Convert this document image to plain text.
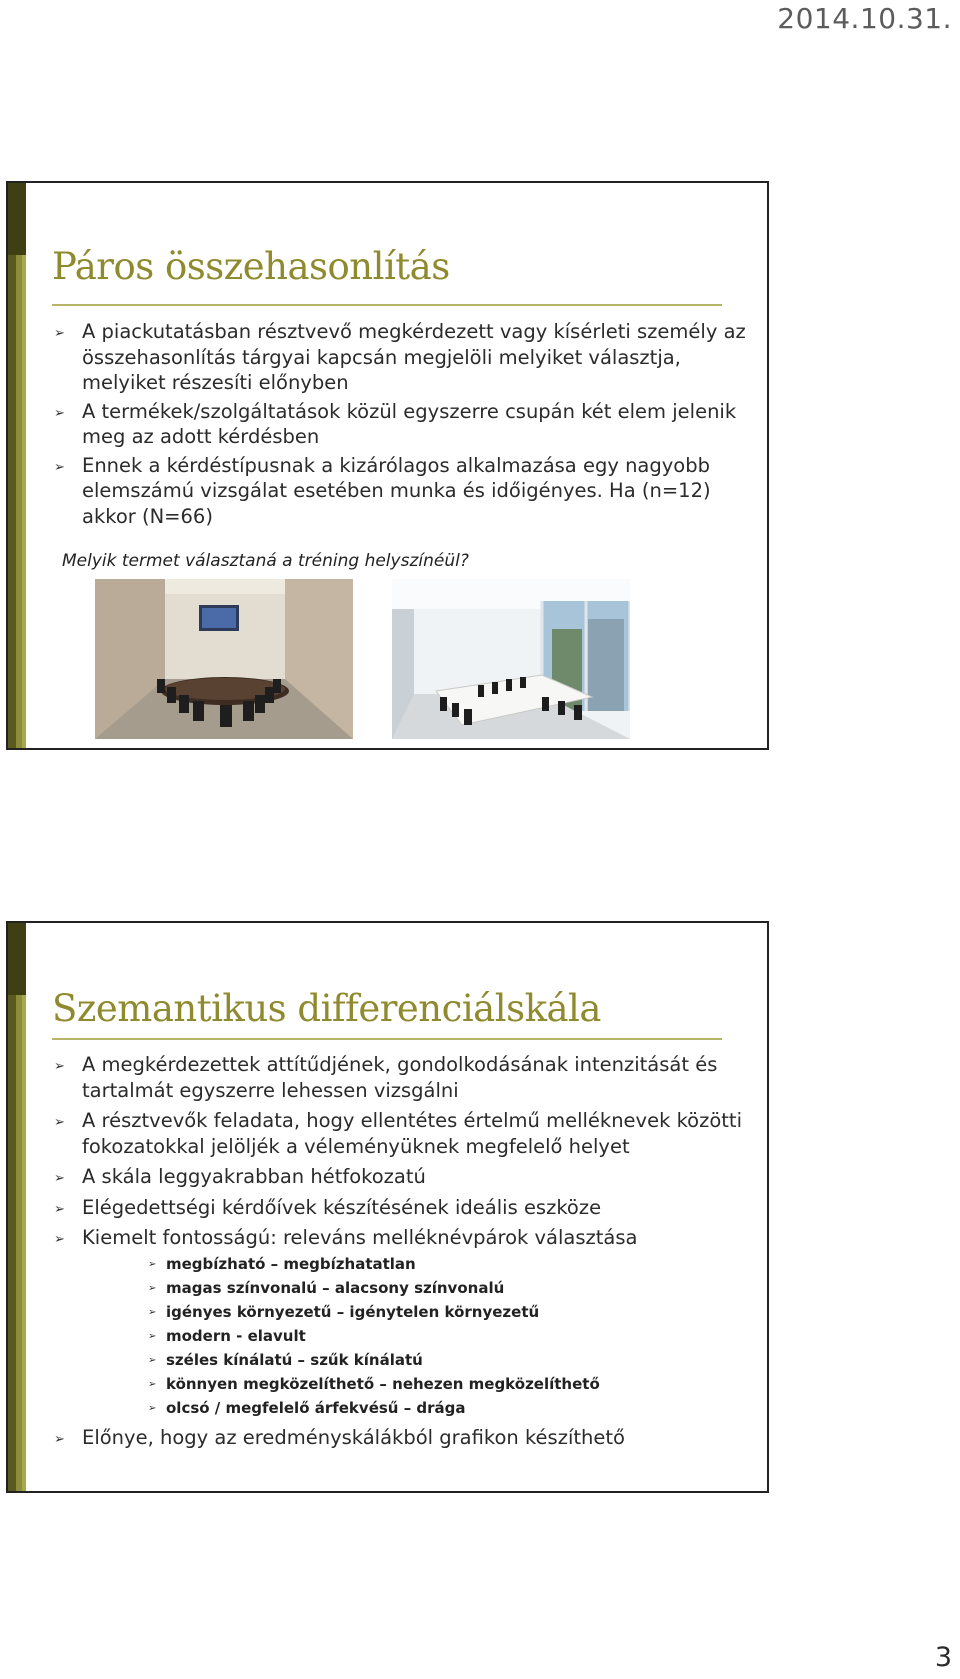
2014.10.31.
Páros összehasonlítás
➢ A piackutatásban résztvevő megkérdezett vagy kísérleti személy az összehasonlítás tárgyai kapcsán megjelöli melyiket választja, melyiket részesíti előnyben
➢ A termékek/szolgáltatások közül egyszerre csupán két elem jelenik meg az adott kérdésben
➢ Ennek a kérdéstípusnak a kizárólagos alkalmazása egy nagyobb elemszámú vizsgálat esetében munka és időigényes. Ha (n=12) akkor (N=66)
Melyik termet választaná a tréning helyszínéül?
Szemantikus differenciálskála
➢ A megkérdezettek attítűdjének, gondolkodásának intenzitását és tartalmát egyszerre lehessen vizsgálni
➢ A résztvevők feladata, hogy ellentétes értelmű melléknevek közötti fokozatokkal jelöljék a véleményüknek megfelelő helyet
➢ A skála leggyakrabban hétfokozatú
➢ Elégedettségi kérdőívek készítésének ideális eszköze
➢ Kiemelt fontosságú: releváns melléknévpárok választása
➢ megbízható – megbízhatatlan
➢ magas színvonalú – alacsony színvonalú
➢ igényes környezetű – igénytelen környezetű
➢ modern - elavult
➢ széles kínálatú – szűk kínálatú
➢ könnyen megközelíthető – nehezen megközelíthető
➢ olcsó / megfelelő árfekvésű – drága
➢ Előnye, hogy az eredményskálákból grafikon készíthető
3
